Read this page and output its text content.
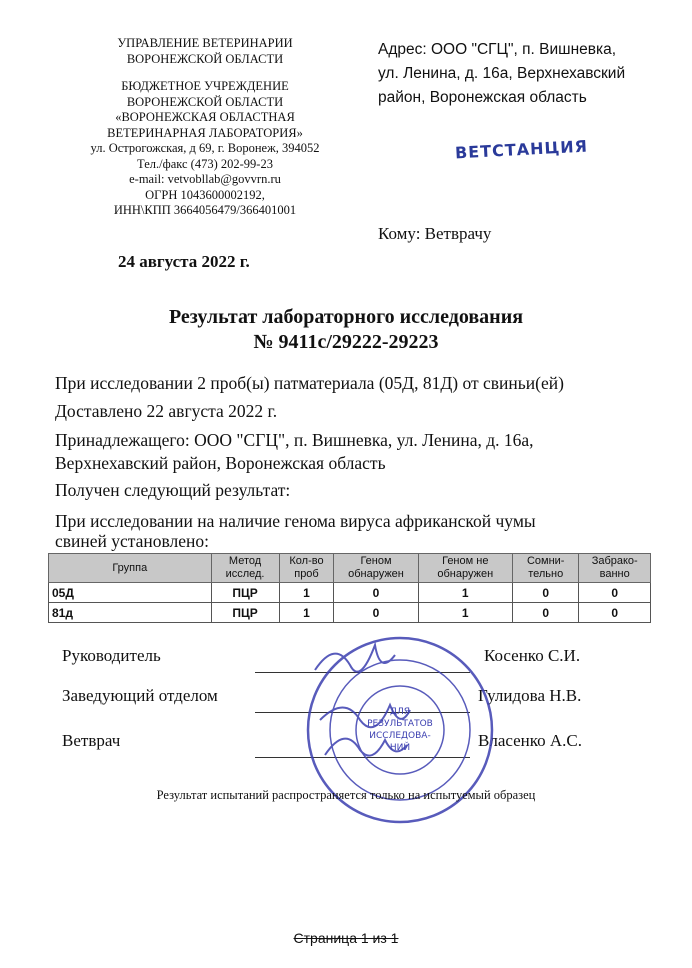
УПРАВЛЕНИЕ ВЕТЕРИНАРИИ
ВОРОНЕЖСКОЙ ОБЛАСТИ
БЮДЖЕТНОЕ УЧРЕЖДЕНИЕ
ВОРОНЕЖСКОЙ ОБЛАСТИ
«ВОРОНЕЖСКАЯ ОБЛАСТНАЯ
ВЕТЕРИНАРНАЯ ЛАБОРАТОРИЯ»
ул. Острогожская, д 69, г. Воронеж, 394052
Тел./факс (473) 202-99-23
e-mail: vetvobllab@govvrn.ru
ОГРН 1043600002192,
ИНН\КПП 3664056479/366401001
Адрес: ООО "СГЦ", п. Вишневка,
ул. Ленина, д. 16а, Верхнехавский
район, Воронежская область
ВЕТСТАНЦИЯ
Кому: Ветврачу
24 августа 2022 г.
Результат лабораторного исследования
№ 9411с/29222-29223
При исследовании 2 проб(ы) патматериала (05Д, 81Д) от свиньи(ей)
Доставлено 22 августа 2022 г.
Принадлежащего: ООО "СГЦ", п. Вишневка, ул. Ленина, д. 16а,
Верхнехавский район, Воронежская область
Получен следующий результат:
При исследовании на наличие генома вируса африканской чумы
свиней установлено:
Группа	Метод исслед.	Кол-во проб	Геном обнаружен	Геном не обнаружен	Сомни-тельно	Забрако-ванно
05Д	ПЦР	1	0	1	0	0
81д	ПЦР	1	0	1	0	0
Руководитель	Косенко С.И.
Заведующий отделом	Гулидова Н.В.
Ветврач	Власенко А.С.
ДЛЯ
РЕЗУЛЬТАТОВ
ИССЛЕДОВА-
НИЙ
Результат испытаний распространяется только на испытуемый образец
Страница 1 из 1
